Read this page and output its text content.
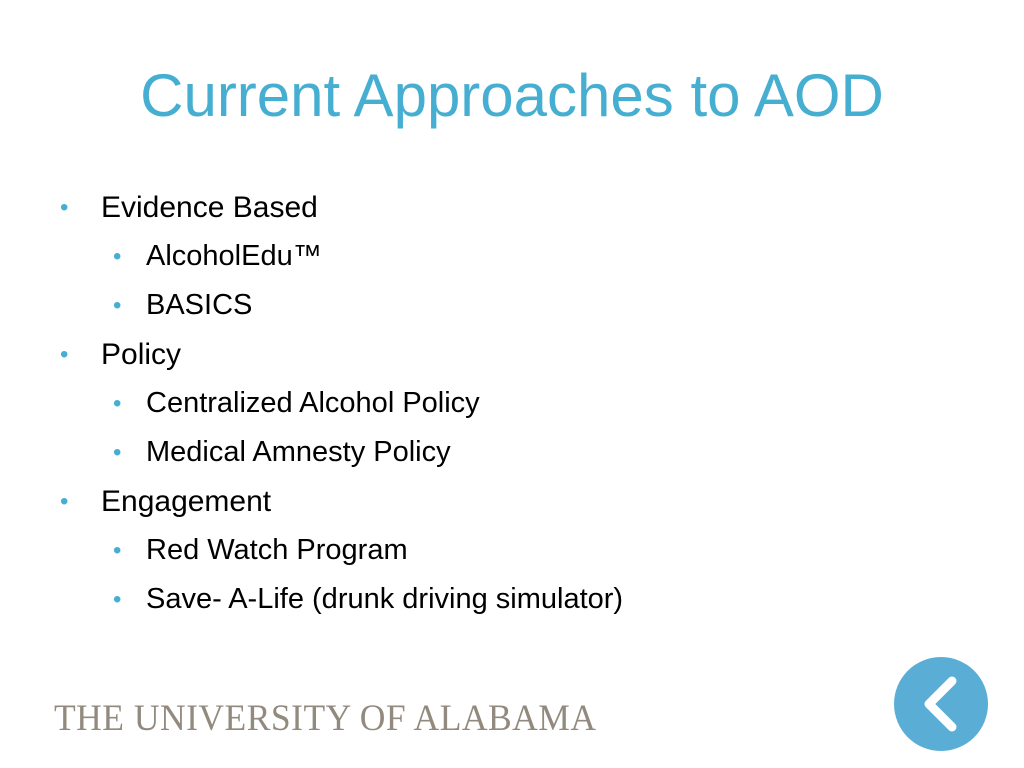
Current Approaches to AOD
• Evidence Based
• AlcoholEdu™
• BASICS
• Policy
• Centralized Alcohol Policy
• Medical Amnesty Policy
• Engagement
• Red Watch Program
• Save- A-Life (drunk driving simulator)
THE UNIVERSITY OF ALABAMA
